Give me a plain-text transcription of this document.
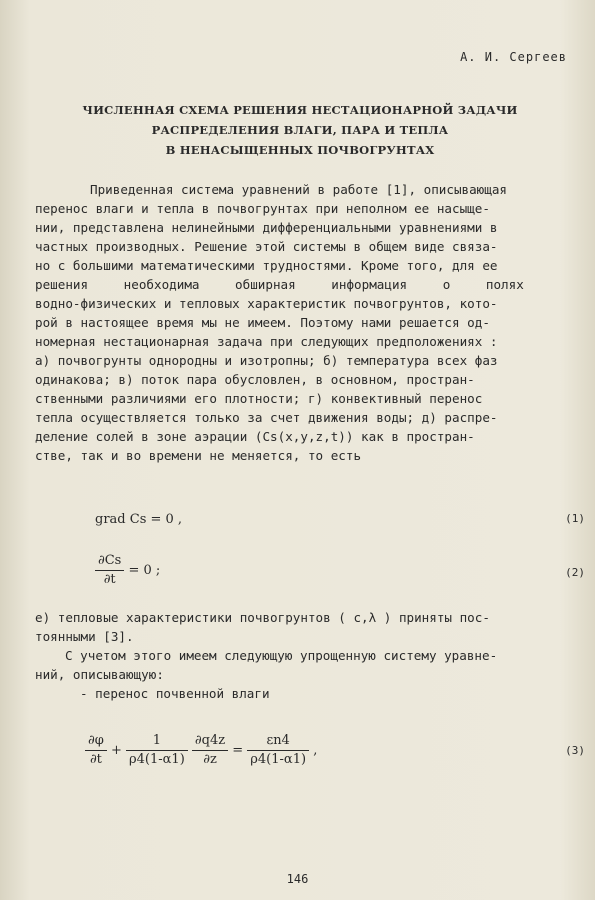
А. И. Сергеев
ЧИСЛЕННАЯ СХЕМА РЕШЕНИЯ НЕСТАЦИОНАРНОЙ ЗАДАЧИ
РАСПРЕДЕЛЕНИЯ ВЛАГИ, ПАРА И ТЕПЛА
В НЕНАСЫЩЕННЫХ ПОЧВОГРУНТАХ
Приведенная система уравнений в работе [1], описывающая
перенос влаги и тепла в почвогрунтах при неполном ее насыще-
нии, представлена нелинейными дифференциальными уравнениями в
частных производных. Решение этой системы в общем виде связа-
но с большими математическими трудностями. Кроме того, для ее
решения необходима обширная информация о полях
водно-физических и тепловых характеристик почвогрунтов, кото-
рой в настоящее время мы не имеем. Поэтому нами решается од-
номерная нестационарная задача при следующих предположениях :
а) почвогрунты однородны и изотропны; б) температура всех фаз
одинакова; в) поток пара обусловлен, в основном, простран-
ственными различиями его плотности; г) конвективный перенос
тепла осуществляется только за счет движения воды; д) распре-
деление солей в зоне аэрации (Cs(x,y,z,t)) как в простран-
стве, так и во времени не меняется, то есть
grad Cs = 0 ,	(1)
$\frac{\partial Cs}{\partial t} = 0$ ;	(2)
е) тепловые характеристики почвогрунтов ( c,λ ) приняты пос-
тоянными [3].
С учетом этого имеем следующую упрощенную систему уравне-
ний, описывающую:
- перенос почвенной влаги
$\frac{\partial\varphi}{\partial t} + \frac{1}{\rho 4(1-\alpha 1)}$
$\frac{\partial q4z}{\partial z} = \frac{\varepsilon n4}{\rho 4(1-\alpha 1)}$ ,	(3)
146
